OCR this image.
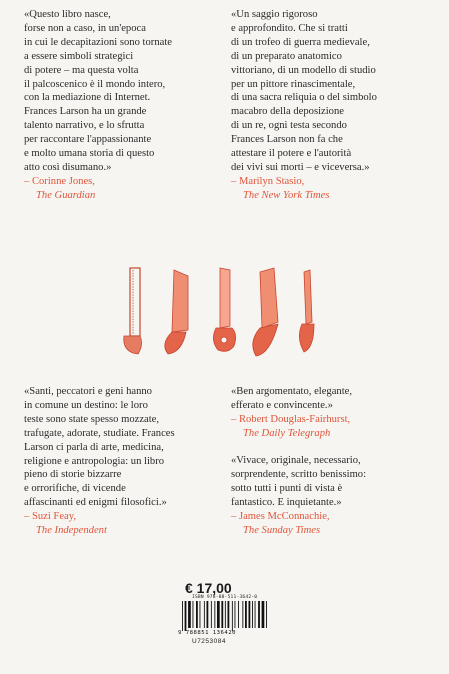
«Questo libro nasce,
forse non a caso, in un'epoca
in cui le decapitazioni sono tornate
a essere simboli strategici
di potere – ma questa volta
il palcoscenico è il mondo intero,
con la mediazione di Internet.
Frances Larson ha un grande
talento narrativo, e lo sfrutta
per raccontare l'appassionante
e molto umana storia di questo
atto così disumano.»
– Corinne Jones,
The Guardian
«Un saggio rigoroso
e approfondito. Che si tratti
di un trofeo di guerra medievale,
di un preparato anatomico
vittoriano, di un modello di studio
per un pittore rinascimentale,
di una sacra reliquia o del simbolo
macabro della deposizione
di un re, ogni testa secondo
Frances Larson non fa che
attestare il potere e l'autorità
dei vivi sui morti – e viceversa.»
– Marilyn Stasio,
The New York Times
«Santi, peccatori e geni hanno
in comune un destino: le loro
teste sono state spesso mozzate,
trafugate, adorate, studiate. Frances
Larson ci parla di arte, medicina,
religione e antropologia: un libro
pieno di storie bizzarre
e orrorifiche, di vicende
affascinanti ed enigmi filosofici.»
– Suzi Feay,
The Independent
«Ben argomentato, elegante,
efferato e convincente.»
– Robert Douglas-Fairhurst,
The Daily Telegraph
«Vivace, originale, necessario,
sorprendente, scritto benissimo:
sotto tutti i punti di vista è
fantastico. E inquietante.»
– James McConnachie,
The Sunday Times
€ 17,00
ISBN 978-88-511-3642-0
9 788851 136420
U7253084
